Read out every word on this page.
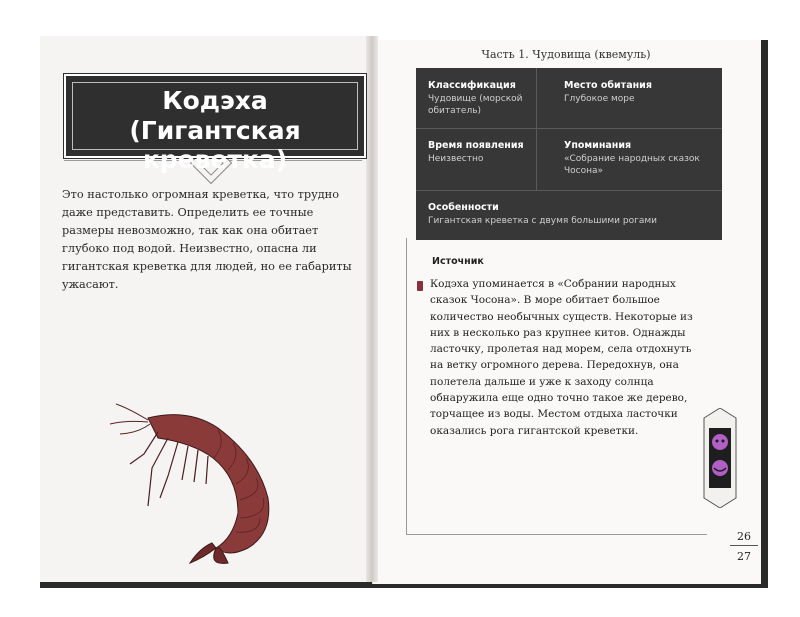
Кодэха
(Гигантская креветка)
Это настолько огромная креветка, что трудно даже представить. Определить ее точные размеры невозможно, так как она обитает глубоко под водой. Неизвестно, опасна ли гигантская креветка для людей, но ее габариты ужасают.
Часть 1. Чудовища (квемуль)
Классификация
Чудовище (морской обитатель)
Место обитания
Глубокое море
Время появления
Неизвестно
Упоминания
«Собрание народных сказок Чосона»
Особенности
Гигантская креветка с двумя большими рогами
Источник
Кодэха упоминается в «Собрании народных сказок Чосона». В море обитает большое количество необычных существ. Некоторые из них в несколько раз крупнее китов. Однажды ласточку, пролетая над морем, села отдохнуть на ветку огромного дерева. Передохнув, она полетела дальше и уже к заходу солнца обнаружила еще одно точно такое же дерево, торчащее из воды. Местом отдыха ласточки оказались рога гигантской креветки.
26
27
